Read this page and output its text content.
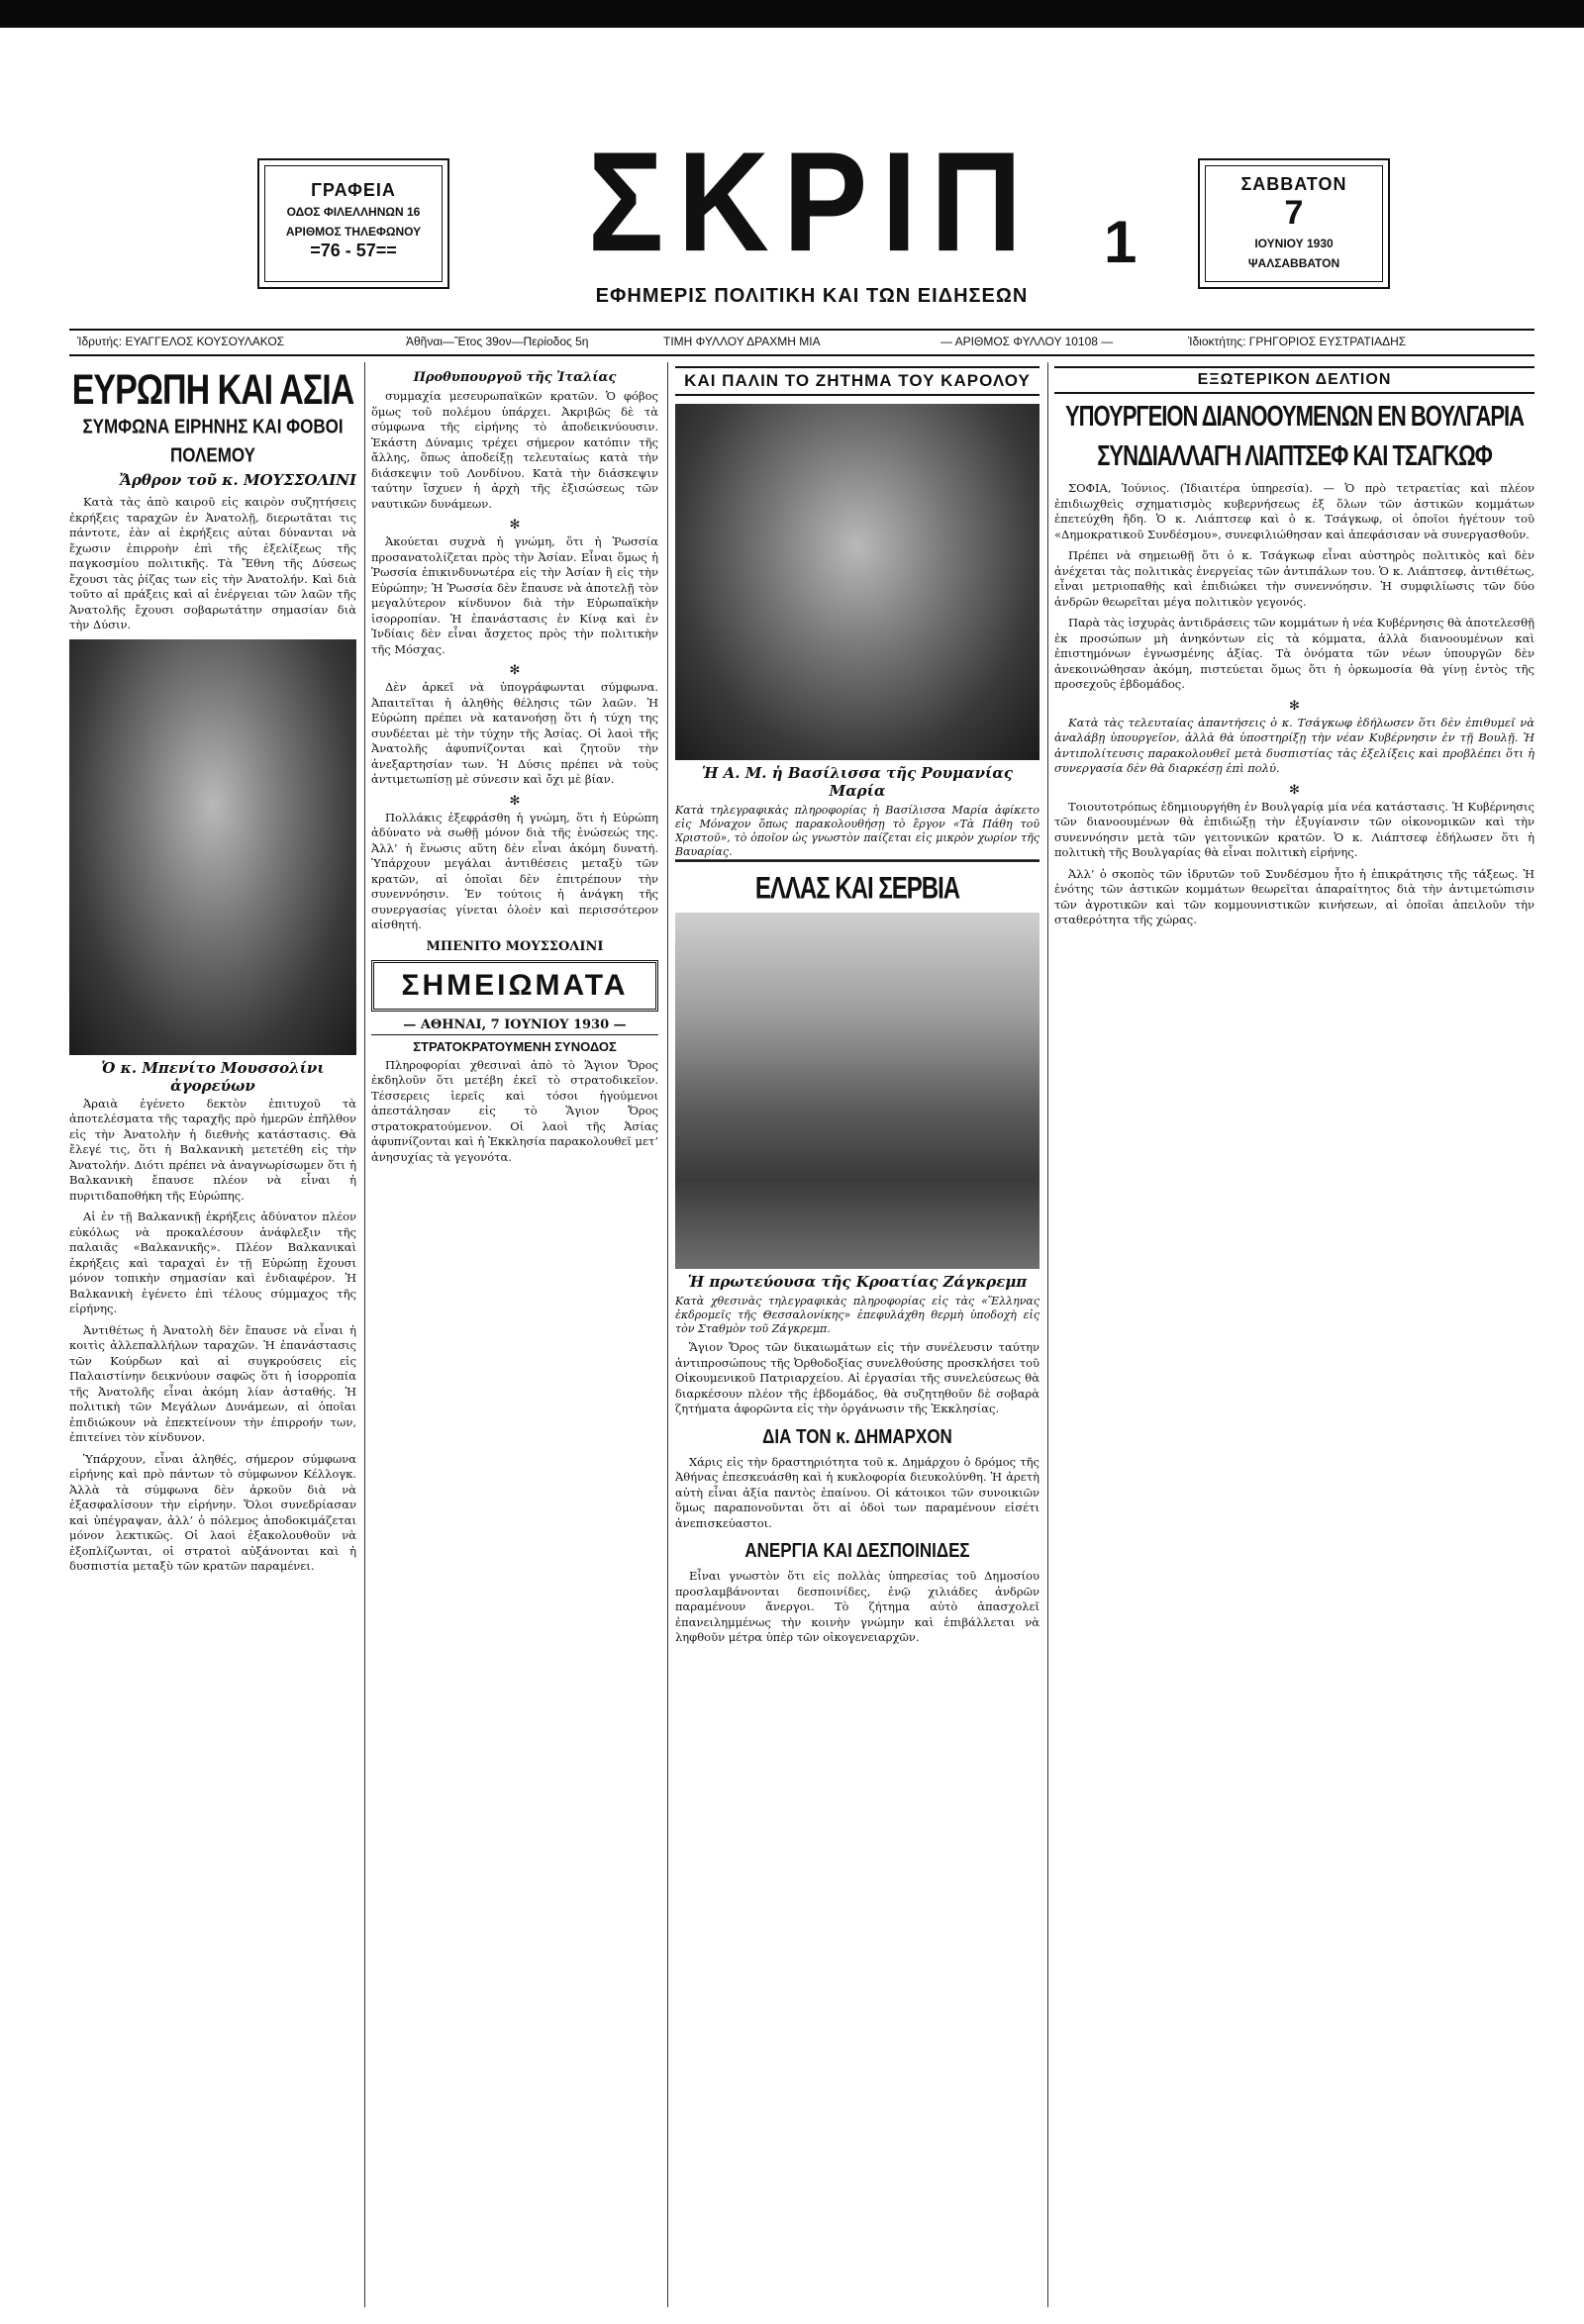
ΓΡΑΦΕΙΑ
ΟΔΟΣ ΦΙΛΕΛΛΗΝΩΝ 16
ΑΡΙΘΜΟΣ ΤΗΛΕΦΩΝΟΥ
=76 - 57==	ΣΚΡΙΠ	1
ΕΦΗΜΕΡΙΣ ΠΟΛΙΤΙΚΗ ΚΑΙ ΤΩΝ ΕΙΔΗΣΕΩΝ
ΣΑΒΒΑΤΟΝ
7
ΙΟΥΝΙΟΥ 1930
ΨΑΛΣΑΒΒΑΤΟΝ
Ἱδρυτής: ΕΥΑΓΓΕΛΟΣ ΚΟΥΣΟΥΛΑΚΟΣ	Ἀθῆναι—Ἔτος 39ον—Περίοδος 5η	ΤΙΜΗ ΦΥΛΛΟΥ ΔΡΑΧΜΗ ΜΙΑ	— ΑΡΙΘΜΟΣ ΦΥΛΛΟΥ 10108 —	Ἰδιοκτήτης: ΓΡΗΓΟΡΙΟΣ ΕΥΣΤΡΑΤΙΑΔΗΣ
ΕΥΡΩΠΗ ΚΑΙ ΑΣΙΑ
ΣΥΜΦΩΝΑ ΕΙΡΗΝΗΣ ΚΑΙ ΦΟΒΟΙ ΠΟΛΕΜΟΥ
Ἄρθρον τοῦ κ. ΜΟΥΣΣΟΛΙΝΙ

Κατὰ τὰς ἀπὸ καιροῦ εἰς καιρὸν συζητήσεις ἐκρήξεις ταραχῶν ἐν Ἀνατολῇ, διερωτᾶται τις πάντοτε, ἐὰν αἱ ἐκρήξεις αὐται δύνανται νὰ ἔχωσιν ἐπιρροὴν ἐπὶ τῆς ἐξελίξεως τῆς παγκοσμίου πολιτικῆς. Τὰ Ἔθνη τῆς Δύσεως ἔχουσι τὰς ῥίζας των εἰς τὴν Ἀνατολήν. Καὶ διὰ τοῦτο αἱ πράξεις καὶ αἱ ἐνέργειαι τῶν λαῶν τῆς Ἀνατολῆς ἔχουσι σοβαρωτάτην σημασίαν διὰ τὴν Δύσιν.

Ὁ κ. Μπενίτο Μουσσολίνι ἀγορεύων

Ἀραιὰ ἐγένετο δεκτὸν ἐπιτυχοῦ τὰ ἀποτελέσματα τῆς ταραχῆς πρὸ ἡμερῶν ἐπῆλθον εἰς τὴν Ἀνατολὴν ἡ διεθνὴς κατάστασις. Θὰ ἔλεγέ τις, ὅτι ἡ Βαλκανικὴ μετετέθη εἰς τὴν Ἀνατολήν. Διότι πρέπει νὰ ἀναγνωρίσωμεν ὅτι ἡ Βαλκανικὴ ἔπαυσε πλέον νὰ εἶναι ἡ πυριτιδαποθήκη τῆς Εὐρώπης.

Αἱ ἐν τῇ Βαλκανικῇ ἐκρήξεις ἀδύνατον πλέον εὐκόλως νὰ προκαλέσουν ἀνάφλεξιν τῆς παλαιᾶς «Βαλκανικῆς». Πλέον Βαλκανικαὶ ἐκρήξεις καὶ ταραχαὶ ἐν τῇ Εὐρώπῃ ἔχουσι μόνον τοπικὴν σημασίαν καὶ ἐνδιαφέρον. Ἡ Βαλκανικὴ ἐγένετο ἐπὶ τέλους σύμμαχος τῆς εἰρήνης.

Ἀντιθέτως ἡ Ἀνατολὴ δὲν ἔπαυσε νὰ εἶναι ἡ κοιτὶς ἀλλεπαλλήλων ταραχῶν. Ἡ ἐπανάστασις τῶν Κούρδων καὶ αἱ συγκρούσεις εἰς Παλαιστίνην δεικνύουν σαφῶς ὅτι ἡ ἰσορροπία τῆς Ἀνατολῆς εἶναι ἀκόμη λίαν ἀσταθής. Ἡ πολιτικὴ τῶν Μεγάλων Δυνάμεων, αἱ ὁποῖαι ἐπιδιώκουν νὰ ἐπεκτείνουν τὴν ἐπιρροήν των, ἐπιτείνει τὸν κίνδυνον.

Ὑπάρχουν, εἶναι ἀληθές, σήμερον σύμφωνα εἰρήνης καὶ πρὸ πάντων τὸ σύμφωνον Κέλλογκ. Ἀλλὰ τὰ σύμφωνα δὲν ἀρκοῦν διὰ νὰ ἐξασφαλίσουν τὴν εἰρήνην. Ὅλοι συνεδρίασαν καὶ ὑπέγραψαν, ἀλλ’ ὁ πόλεμος ἀποδοκιμάζεται μόνον λεκτικῶς. Οἱ λαοὶ ἐξακολουθοῦν νὰ ἐξοπλίζωνται, οἱ στρατοὶ αὐξάνονται καὶ ἡ δυσπιστία μεταξὺ τῶν κρατῶν παραμένει.

Προθυπουργοῦ τῆς Ἰταλίας

συμμαχία μεσευρωπαϊκῶν κρατῶν. Ὁ φόβος ὅμως τοῦ πολέμου ὑπάρχει. Ἀκριβῶς δὲ τὰ σύμφωνα τῆς εἰρήνης τὸ ἀποδεικνύουσιν. Ἑκάστη Δύναμις τρέχει σήμερον κατόπιν τῆς ἄλλης, ὅπως ἀποδείξῃ τελευταίως κατὰ τὴν διάσκεψιν τοῦ Λονδίνου. Κατὰ τὴν διάσκεψιν ταύτην ἴσχυεν ἡ ἀρχὴ τῆς ἐξισώσεως τῶν ναυτικῶν δυνάμεων.

✻

Ἀκούεται συχνὰ ἡ γνώμη, ὅτι ἡ Ῥωσσία προσανατολίζεται πρὸς τὴν Ἀσίαν. Εἶναι ὅμως ἡ Ῥωσσία ἐπικινδυνωτέρα εἰς τὴν Ἀσίαν ἢ εἰς τὴν Εὐρώπην; Ἡ Ῥωσσία δὲν ἔπαυσε νὰ ἀποτελῇ τὸν μεγαλύτερον κίνδυνον διὰ τὴν Εὐρωπαϊκὴν ἰσορροπίαν. Ἡ ἐπανάστασις ἐν Κίνᾳ καὶ ἐν Ἰνδίαις δὲν εἶναι ἄσχετος πρὸς τὴν πολιτικὴν τῆς Μόσχας.

✻

Δὲν ἀρκεῖ νὰ ὑπογράφωνται σύμφωνα. Ἀπαιτεῖται ἡ ἀληθὴς θέλησις τῶν λαῶν. Ἡ Εὐρώπη πρέπει νὰ κατανοήσῃ ὅτι ἡ τύχη της συνδέεται μὲ τὴν τύχην τῆς Ἀσίας. Οἱ λαοὶ τῆς Ἀνατολῆς ἀφυπνίζονται καὶ ζητοῦν τὴν ἀνεξαρτησίαν των. Ἡ Δύσις πρέπει νὰ τοὺς ἀντιμετωπίσῃ μὲ σύνεσιν καὶ ὄχι μὲ βίαν.

✻

Πολλάκις ἐξεφράσθη ἡ γνώμη, ὅτι ἡ Εὐρώπη ἀδύνατο νὰ σωθῇ μόνον διὰ τῆς ἑνώσεώς της. Ἀλλ’ ἡ ἕνωσις αὕτη δὲν εἶναι ἀκόμη δυνατή. Ὑπάρχουν μεγάλαι ἀντιθέσεις μεταξὺ τῶν κρατῶν, αἱ ὁποῖαι δὲν ἐπιτρέπουν τὴν συνεννόησιν. Ἐν τούτοις ἡ ἀνάγκη τῆς συνεργασίας γίνεται ὁλοὲν καὶ περισσότερον αἰσθητή.

ΜΠΕΝΙΤΟ ΜΟΥΣΣΟΛΙΝΙ
ΣΗΜΕΙΩΜΑΤΑ
— ΑΘΗΝΑΙ, 7 ΙΟΥΝΙΟΥ 1930 —
ΣΤΡΑΤΟΚΡΑΤΟΥΜΕΝΗ ΣΥΝΟΔΟΣ

Πληροφορίαι χθεσιναὶ ἀπὸ τὸ Ἅγιον Ὄρος ἐκδηλοῦν ὅτι μετέβη ἐκεῖ τὸ στρατοδικεῖον. Τέσσερεις ἱερεῖς καὶ τόσοι ἡγούμενοι ἀπεστάλησαν εἰς τὸ Ἅγιον Ὄρος στρατοκρατούμενον. Οἱ λαοὶ τῆς Ἀσίας ἀφυπνίζονται καὶ ἡ Ἐκκλησία παρακολουθεῖ μετ’ ἀνησυχίας τὰ γεγονότα.

ΚΑΙ ΠΑΛΙΝ ΤΟ ΖΗΤΗΜΑ ΤΟΥ ΚΑΡΟΛΟΥ
Ἡ Α. Μ. ἡ Βασίλισσα τῆς Ρουμανίας Μαρία

Κατὰ τηλεγραφικὰς πληροφορίας ἡ Βασίλισσα Μαρία ἀφίκετο εἰς Μόναχον ὅπως παρακολουθήσῃ τὸ ἔργον «Τὰ Πάθη τοῦ Χριστοῦ», τὸ ὁποῖον ὡς γνωστὸν παίζεται εἰς μικρὸν χωρίον τῆς Βαυαρίας.

ΕΛΛΑΣ ΚΑΙ ΣΕΡΒΙΑ
Ἡ πρωτεύουσα τῆς Κροατίας Ζάγκρεμπ

Κατὰ χθεσινὰς τηλεγραφικὰς πληροφορίας εἰς τὰς «Ἕλληνας ἐκδρομεῖς τῆς Θεσσαλονίκης» ἐπεφυλάχθη θερμὴ ὑποδοχὴ εἰς τὸν Σταθμὸν τοῦ Ζάγκρεμπ.

Ἅγιον Ὄρος τῶν δικαιωμάτων εἰς τὴν συνέλευσιν ταύτην ἀντιπροσώπους τῆς Ὀρθοδοξίας συνελθούσης προσκλήσει τοῦ Οἰκουμενικοῦ Πατριαρχείου. Αἱ ἐργασίαι τῆς συνελεύσεως θὰ διαρκέσουν πλέον τῆς ἑβδομάδος, θὰ συζητηθοῦν δὲ σοβαρὰ ζητήματα ἀφορῶντα εἰς τὴν ὀργάνωσιν τῆς Ἐκκλησίας.

ΔΙΑ ΤΟΝ κ. ΔΗΜΑΡΧΟΝ

Χάρις εἰς τὴν δραστηριότητα τοῦ κ. Δημάρχου ὁ δρόμος τῆς Ἀθήνας ἐπεσκευάσθη καὶ ἡ κυκλοφορία διευκολύνθη. Ἡ ἀρετὴ αὐτὴ εἶναι ἀξία παντὸς ἐπαίνου. Οἱ κάτοικοι τῶν συνοικιῶν ὅμως παραπονοῦνται ὅτι αἱ ὁδοὶ των παραμένουν εἰσέτι ἀνεπισκεύαστοι.

ΑΝΕΡΓΙΑ ΚΑΙ ΔΕΣΠΟΙΝΙΔΕΣ

Εἶναι γνωστὸν ὅτι εἰς πολλὰς ὑπηρεσίας τοῦ Δημοσίου προσλαμβάνονται δεσποινίδες, ἐνῷ χιλιάδες ἀνδρῶν παραμένουν ἄνεργοι. Τὸ ζήτημα αὐτὸ ἀπασχολεῖ ἐπανειλημμένως τὴν κοινὴν γνώμην καὶ ἐπιβάλλεται νὰ ληφθοῦν μέτρα ὑπὲρ τῶν οἰκογενειαρχῶν.

ΕΞΩΤΕΡΙΚΟΝ ΔΕΛΤΙΟΝ
ΥΠΟΥΡΓΕΙΟΝ ΔΙΑΝΟΟΥΜΕΝΩΝ ΕΝ ΒΟΥΛΓΑΡΙΑ
ΣΥΝΔΙΑΛΛΑΓΗ ΛΙΑΠΤΣΕΦ ΚΑΙ ΤΣΑΓΚΩΦ

ΣΟΦΙΑ, Ἰούνιος. (Ἰδιαιτέρα ὑπηρεσία). — Ὁ πρὸ τετραετίας καὶ πλέον ἐπιδιωχθεὶς σχηματισμὸς κυβερνήσεως ἐξ ὅλων τῶν ἀστικῶν κομμάτων ἐπετεύχθη ἤδη. Ὁ κ. Λιάπτσεφ καὶ ὁ κ. Τσάγκωφ, οἱ ὁποῖοι ἠγέτουν τοῦ «Δημοκρατικοῦ Συνδέσμου», συνεφιλιώθησαν καὶ ἀπεφάσισαν νὰ συνεργασθοῦν.

Πρέπει νὰ σημειωθῇ ὅτι ὁ κ. Τσάγκωφ εἶναι αὐστηρὸς πολιτικὸς καὶ δὲν ἀνέχεται τὰς πολιτικὰς ἐνεργείας τῶν ἀντιπάλων του. Ὁ κ. Λιάπτσεφ, ἀντιθέτως, εἶναι μετριοπαθὴς καὶ ἐπιδιώκει τὴν συνεννόησιν. Ἡ συμφιλίωσις τῶν δύο ἀνδρῶν θεωρεῖται μέγα πολιτικὸν γεγονός.

Παρὰ τὰς ἰσχυρὰς ἀντιδράσεις τῶν κομμάτων ἡ νέα Κυβέρνησις θὰ ἀποτελεσθῇ ἐκ προσώπων μὴ ἀνηκόντων εἰς τὰ κόμματα, ἀλλὰ διανοουμένων καὶ ἐπιστημόνων ἐγνωσμένης ἀξίας. Τὰ ὀνόματα τῶν νέων ὑπουργῶν δὲν ἀνεκοινώθησαν ἀκόμη, πιστεύεται ὅμως ὅτι ἡ ὁρκωμοσία θὰ γίνῃ ἐντὸς τῆς προσεχοῦς ἑβδομάδος.

✻

Κατὰ τὰς τελευταίας ἀπαντήσεις ὁ κ. Τσάγκωφ ἐδήλωσεν ὅτι δὲν ἐπιθυμεῖ νὰ ἀναλάβῃ ὑπουργεῖον, ἀλλὰ θὰ ὑποστηρίξῃ τὴν νέαν Κυβέρνησιν ἐν τῇ Βουλῇ. Ἡ ἀντιπολίτευσις παρακολουθεῖ μετὰ δυσπιστίας τὰς ἐξελίξεις καὶ προβλέπει ὅτι ἡ συνεργασία δὲν θὰ διαρκέσῃ ἐπὶ πολύ.

✻

Τοιουτοτρόπως ἐδημιουργήθη ἐν Βουλγαρίᾳ μία νέα κατάστασις. Ἡ Κυβέρνησις τῶν διανοουμένων θὰ ἐπιδιώξῃ τὴν ἐξυγίανσιν τῶν οἰκονομικῶν καὶ τὴν συνεννόησιν μετὰ τῶν γειτονικῶν κρατῶν. Ὁ κ. Λιάπτσεφ ἐδήλωσεν ὅτι ἡ πολιτικὴ τῆς Βουλγαρίας θὰ εἶναι πολιτικὴ εἰρήνης.

Ἀλλ’ ὁ σκοπὸς τῶν ἱδρυτῶν τοῦ Συνδέσμου ἦτο ἡ ἐπικράτησις τῆς τάξεως. Ἡ ἑνότης τῶν ἀστικῶν κομμάτων θεωρεῖται ἀπαραίτητος διὰ τὴν ἀντιμετώπισιν τῶν ἀγροτικῶν καὶ τῶν κομμουνιστικῶν κινήσεων, αἱ ὁποῖαι ἀπειλοῦν τὴν σταθερότητα τῆς χώρας.
